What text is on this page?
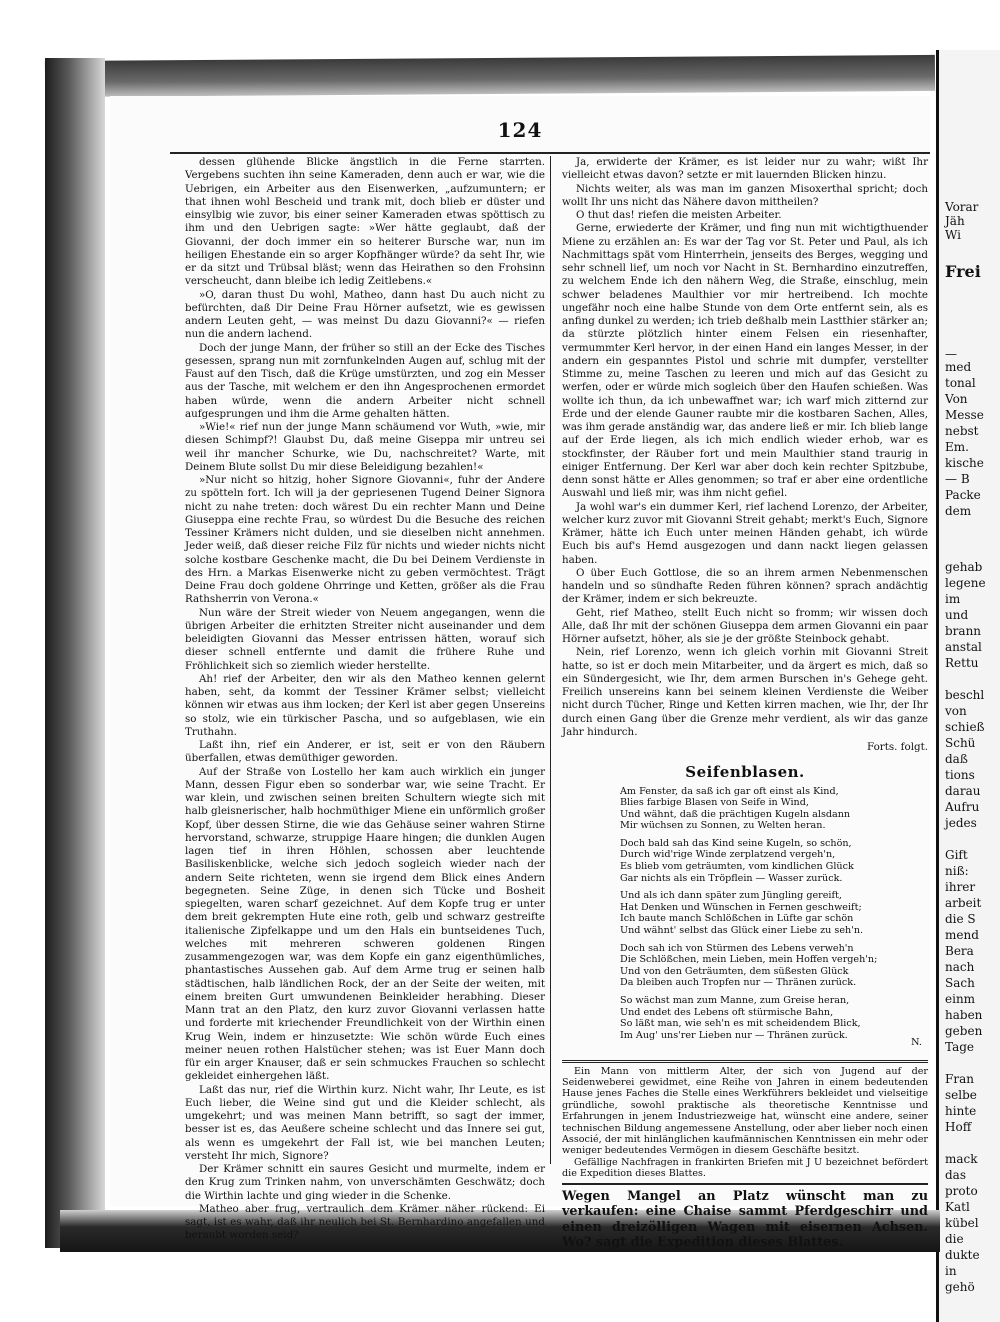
124

dessen glühende Blicke ängstlich in die Ferne starrten. Vergebens suchten ihn seine Kameraden, denn auch er war, wie die Uebrigen, ein Arbeiter aus den Eisenwerken, „aufzumuntern; er that ihnen wohl Bescheid und trank mit, doch blieb er düster und einsylbig wie zuvor, bis einer seiner Kameraden etwas spöttisch zu ihm und den Uebrigen sagte: »Wer hätte geglaubt, daß der Giovanni, der doch immer ein so heiterer Bursche war, nun im heiligen Ehestande ein so arger Kopfhänger würde? da seht Ihr, wie er da sitzt und Trübsal bläst; wenn das Heirathen so den Frohsinn verscheucht, dann bleibe ich ledig Zeitlebens.«

»O, daran thust Du wohl, Matheo, dann hast Du auch nicht zu befürchten, daß Dir Deine Frau Hörner aufsetzt, wie es gewissen andern Leuten geht, — was meinst Du dazu Giovanni?« — riefen nun die andern lachend.

Doch der junge Mann, der früher so still an der Ecke des Tisches gesessen, sprang nun mit zornfunkelnden Augen auf, schlug mit der Faust auf den Tisch, daß die Krüge umstürzten, und zog ein Messer aus der Tasche, mit welchem er den ihn Angesprochenen ermordet haben würde, wenn die andern Arbeiter nicht schnell aufgesprungen und ihm die Arme gehalten hätten.

»Wie!« rief nun der junge Mann schäumend vor Wuth, »wie, mir diesen Schimpf?! Glaubst Du, daß meine Giseppa mir untreu sei weil ihr mancher Schurke, wie Du, nachschreitet? Warte, mit Deinem Blute sollst Du mir diese Beleidigung bezahlen!«

»Nur nicht so hitzig, hoher Signore Giovanni«, fuhr der Andere zu spötteln fort. Ich will ja der gepriesenen Tugend Deiner Signora nicht zu nahe treten: doch wärest Du ein rechter Mann und Deine Giuseppa eine rechte Frau, so würdest Du die Besuche des reichen Tessiner Krämers nicht dulden, und sie dieselben nicht annehmen. Jeder weiß, daß dieser reiche Filz für nichts und wieder nichts nicht solche kostbare Geschenke macht, die Du bei Deinem Verdienste in des Hrn. a Markas Eisenwerke nicht zu geben vermöchtest. Trägt Deine Frau doch goldene Ohrringe und Ketten, größer als die Frau Rathsherrin von Verona.«

Nun wäre der Streit wieder von Neuem angegangen, wenn die übrigen Arbeiter die erhitzten Streiter nicht auseinander und dem beleidigten Giovanni das Messer entrissen hätten, worauf sich dieser schnell entfernte und damit die frühere Ruhe und Fröhlichkeit sich so ziemlich wieder herstellte.

Ah! rief der Arbeiter, den wir als den Matheo kennen gelernt haben, seht, da kommt der Tessiner Krämer selbst; vielleicht können wir etwas aus ihm locken; der Kerl ist aber gegen Unsereins so stolz, wie ein türkischer Pascha, und so aufgeblasen, wie ein Truthahn.

Laßt ihn, rief ein Anderer, er ist, seit er von den Räubern überfallen, etwas demüthiger geworden.

Auf der Straße von Lostello her kam auch wirklich ein junger Mann, dessen Figur eben so sonderbar war, wie seine Tracht. Er war klein, und zwischen seinen breiten Schultern wiegte sich mit halb gleisnerischer, halb hochmüthiger Miene ein unförmlich großer Kopf, über dessen Stirne, die wie das Gehäuse seiner wahren Stirne hervorstand, schwarze, struppige Haare hingen; die dunklen Augen lagen tief in ihren Höhlen, schossen aber leuchtende Basiliskenblicke, welche sich jedoch sogleich wieder nach der andern Seite richteten, wenn sie irgend dem Blick eines Andern begegneten. Seine Züge, in denen sich Tücke und Bosheit spiegelten, waren scharf gezeichnet. Auf dem Kopfe trug er unter dem breit gekrempten Hute eine roth, gelb und schwarz gestreifte italienische Zipfelkappe und um den Hals ein buntseidenes Tuch, welches mit mehreren schweren goldenen Ringen zusammengezogen war, was dem Kopfe ein ganz eigenthümliches, phantastisches Aussehen gab. Auf dem Arme trug er seinen halb städtischen, halb ländlichen Rock, der an der Seite der weiten, mit einem breiten Gurt umwundenen Beinkleider herabhing. Dieser Mann trat an den Platz, den kurz zuvor Giovanni verlassen hatte und forderte mit kriechender Freundlichkeit von der Wirthin einen Krug Wein, indem er hinzusetzte: Wie schön würde Euch eines meiner neuen rothen Halstücher stehen; was ist Euer Mann doch für ein arger Knauser, daß er sein schmuckes Frauchen so schlecht gekleidet einhergehen läßt.

Laßt das nur, rief die Wirthin kurz. Nicht wahr, Ihr Leute, es ist Euch lieber, die Weine sind gut und die Kleider schlecht, als umgekehrt; und was meinen Mann betrifft, so sagt der immer, besser ist es, das Aeußere scheine schlecht und das Innere sei gut, als wenn es umgekehrt der Fall ist, wie bei manchen Leuten; versteht Ihr mich, Signore?

Der Krämer schnitt ein saures Gesicht und murmelte, indem er den Krug zum Trinken nahm, von unverschämten Geschwätz; doch die Wirthin lachte und ging wieder in die Schenke.

Matheo aber frug, vertraulich dem Krämer näher rückend: Ei sagt, ist es wahr, daß ihr neulich bei St. Bernhardino angefallen und beraubt worden seid?

Ja, erwiderte der Krämer, es ist leider nur zu wahr; wißt Ihr vielleicht etwas davon? setzte er mit lauernden Blicken hinzu.

Nichts weiter, als was man im ganzen Misoxerthal spricht; doch wollt Ihr uns nicht das Nähere davon mittheilen?

O thut das! riefen die meisten Arbeiter.

Gerne, erwiederte der Krämer, und fing nun mit wichtigthuender Miene zu erzählen an: Es war der Tag vor St. Peter und Paul, als ich Nachmittags spät vom Hinterrhein, jenseits des Berges, wegging und sehr schnell lief, um noch vor Nacht in St. Bernhardino einzutreffen, zu welchem Ende ich den nähern Weg, die Straße, einschlug, mein schwer beladenes Maulthier vor mir hertreibend. Ich mochte ungefähr noch eine halbe Stunde von dem Orte entfernt sein, als es anfing dunkel zu werden; ich trieb deßhalb mein Lastthier stärker an; da stürzte plötzlich hinter einem Felsen ein riesenhafter, vermummter Kerl hervor, in der einen Hand ein langes Messer, in der andern ein gespanntes Pistol und schrie mit dumpfer, verstellter Stimme zu, meine Taschen zu leeren und mich auf das Gesicht zu werfen, oder er würde mich sogleich über den Haufen schießen. Was wollte ich thun, da ich unbewaffnet war; ich warf mich zitternd zur Erde und der elende Gauner raubte mir die kostbaren Sachen, Alles, was ihm gerade anständig war, das andere ließ er mir. Ich blieb lange auf der Erde liegen, als ich mich endlich wieder erhob, war es stockfinster, der Räuber fort und mein Maulthier stand traurig in einiger Entfernung. Der Kerl war aber doch kein rechter Spitzbube, denn sonst hätte er Alles genommen; so traf er aber eine ordentliche Auswahl und ließ mir, was ihm nicht gefiel.

Ja wohl war's ein dummer Kerl, rief lachend Lorenzo, der Arbeiter, welcher kurz zuvor mit Giovanni Streit gehabt; merkt's Euch, Signore Krämer, hätte ich Euch unter meinen Händen gehabt, ich würde Euch bis auf's Hemd ausgezogen und dann nackt liegen gelassen haben.

O über Euch Gottlose, die so an ihrem armen Nebenmenschen handeln und so sündhafte Reden führen können? sprach andächtig der Krämer, indem er sich bekreuzte.

Geht, rief Matheo, stellt Euch nicht so fromm; wir wissen doch Alle, daß Ihr mit der schönen Giuseppa dem armen Giovanni ein paar Hörner aufsetzt, höher, als sie je der größte Steinbock gehabt.

Nein, rief Lorenzo, wenn ich gleich vorhin mit Giovanni Streit hatte, so ist er doch mein Mitarbeiter, und da ärgert es mich, daß so ein Sündergesicht, wie Ihr, dem armen Burschen in's Gehege geht. Freilich unsereins kann bei seinem kleinen Verdienste die Weiber nicht durch Tücher, Ringe und Ketten kirren machen, wie Ihr, der Ihr durch einen Gang über die Grenze mehr verdient, als wir das ganze Jahr hindurch.

Forts. folgt.
Seifenblasen.
Am Fenster, da saß ich gar oft einst als Kind,
Blies farbige Blasen von Seife in Wind,
Und wähnt, daß die prächtigen Kugeln alsdann
Mir wüchsen zu Sonnen, zu Welten heran.
Doch bald sah das Kind seine Kugeln, so schön,
Durch wid'rige Winde zerplatzend vergeh'n,
Es blieb vom geträumten, vom kindlichen Glück
Gar nichts als ein Tröpflein — Wasser zurück.
Und als ich dann später zum Jüngling gereift,
Hat Denken und Wünschen in Fernen geschweift;
Ich baute manch Schlößchen in Lüfte gar schön
Und wähnt' selbst das Glück einer Liebe zu seh'n.
Doch sah ich von Stürmen des Lebens verweh'n
Die Schlößchen, mein Lieben, mein Hoffen vergeh'n;
Und von den Geträumten, dem süßesten Glück
Da bleiben auch Tropfen nur — Thränen zurück.
So wächst man zum Manne, zum Greise heran,
Und endet des Lebens oft stürmische Bahn,
So läßt man, wie seh'n es mit scheidendem Blick,
Im Aug' uns'rer Lieben nur — Thränen zurück.
N.

Ein Mann von mittlerm Alter, der sich von Jugend auf der Seidenweberei gewidmet, eine Reihe von Jahren in einem bedeutenden Hause jenes Faches die Stelle eines Werkführers bekleidet und vielseitige gründliche, sowohl praktische als theoretische Kenntnisse und Erfahrungen in jenem Industriezweige hat, wünscht eine andere, seiner technischen Bildung angemessene Anstellung, oder aber lieber noch einen Associé, der mit hinlänglichen kaufmännischen Kenntnissen ein mehr oder weniger bedeutendes Vermögen in diesem Geschäfte besitzt.

Gefällige Nachfragen in frankirten Briefen mit J U bezeichnet befördert die Expedition dieses Blattes.

Wegen Mangel an Platz wünscht man zu verkaufen: eine Chaise sammt Pferdgeschirr und einen dreizölligen Wagen mit eisernen Achsen. Wo? sagt die Expedition dieses Blattes.
Vorar
Jäh
Wi
Frei
—
med
tonal
Von
Messe
nebst
Em.
kische
— B
Packe
dem
gehab
legene
im
und
brann
anstal
Rettu
beschl
von
schieß
Schü
daß
tions
darau
Aufru
jedes
Gift
niß:
ihrer
arbeit
die S
mend
Bera
nach
Sach
einm
haben
geben
Tage
Fran
selbe
hinte
Hoff
mack
das
proto
Katl
kübel
die
dukte
in
gehö
